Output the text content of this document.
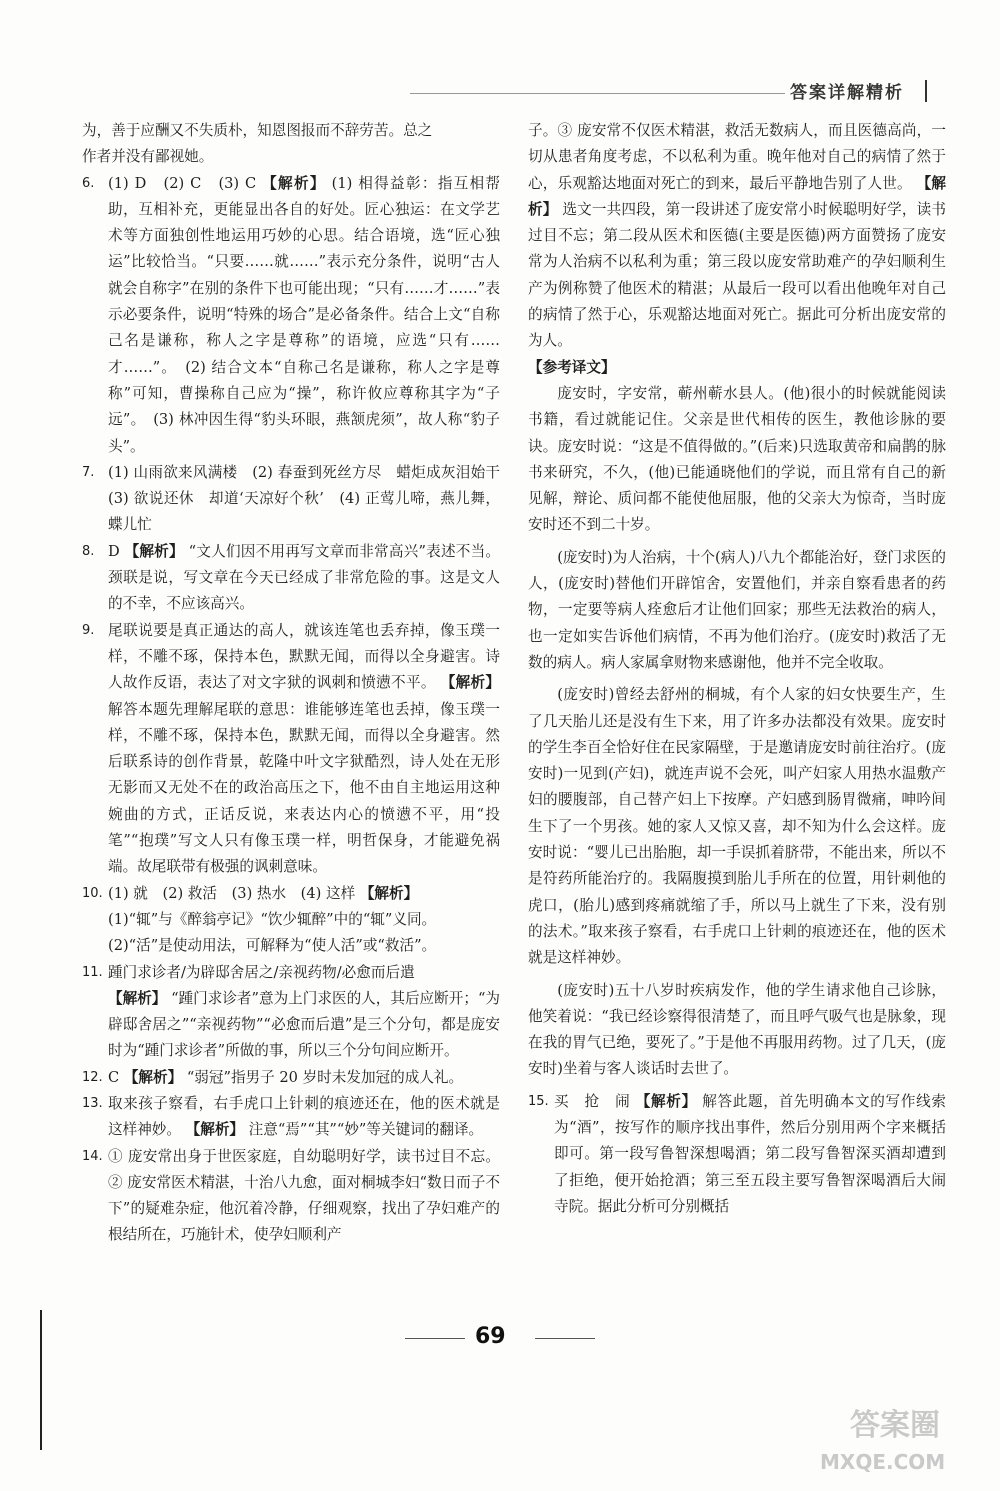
答案详解精析

为，善于应酬又不失质朴，知恩图报而不辞劳苦。总之

作者并没有鄙视她。

6. (1) D　(2) C　(3) C 【解析】 (1) 相得益彰：指互相帮助，互相补充，更能显出各自的好处。匠心独运：在文学艺术等方面独创性地运用巧妙的心思。结合语境，选“匠心独运”比较恰当。“只要……就……”表示充分条件，说明“古人就会自称字”在别的条件下也可能出现；“只有……才……”表示必要条件，说明“特殊的场合”是必备条件。结合上文“自称己名是谦称，称人之字是尊称”的语境，应选“只有……才……”。　(2) 结合文本“自称己名是谦称，称人之字是尊称”可知，曹操称自己应为“操”，称许攸应尊称其字为“子远”。　(3) 林冲因生得“豹头环眼，燕颔虎须”，故人称“豹子头”。
7. (1) 山雨欲来风满楼　(2) 春蚕到死丝方尽　蜡炬成灰泪始干　(3) 欲说还休　却道‘天凉好个秋’　(4) 正莺儿啼，燕儿舞，蝶儿忙
8. D 【解析】 “文人们因不用再写文章而非常高兴”表述不当。颈联是说，写文章在今天已经成了非常危险的事。这是文人的不幸，不应该高兴。
9. 尾联说要是真正通达的高人，就该连笔也丢弃掉，像玉璞一样，不雕不琢，保持本色，默默无闻，而得以全身避害。诗人故作反语，表达了对文字狱的讽刺和愤懑不平。 【解析】 解答本题先理解尾联的意思：谁能够连笔也丢掉，像玉璞一样，不雕不琢，保持本色，默默无闻，而得以全身避害。然后联系诗的创作背景，乾隆中叶文字狱酷烈，诗人处在无形无影而又无处不在的政治高压之下，他不由自主地运用这种婉曲的方式，正话反说，来表达内心的愤懑不平，用“投笔”“抱璞”写文人只有像玉璞一样，明哲保身，才能避免祸端。故尾联带有极强的讽刺意味。
10. (1) 就　(2) 救活　(3) 热水　(4) 这样 【解析】

(1)“辄”与《醉翁亭记》“饮少辄醉”中的“辄”义同。

(2)“活”是使动用法，可解释为“使人活”或“救活”。

11. 踵门求诊者/为辟邸舍居之/亲视药物/必愈而后遣

【解析】 “踵门求诊者”意为上门求医的人，其后应断开；“为辟邸舍居之”“亲视药物”“必愈而后遣”是三个分句，都是庞安时为“踵门求诊者”所做的事，所以三个分句间应断开。

12. C 【解析】 “弱冠”指男子 20 岁时未发加冠的成人礼。
13. 取来孩子察看，右手虎口上针刺的痕迹还在，他的医术就是这样神妙。 【解析】 注意“焉”“其”“妙”等关键词的翻译。
14. ① 庞安常出身于世医家庭，自幼聪明好学，读书过目不忘。② 庞安常医术精湛，十治八九愈，面对桐城李妇“数日而子不下”的疑难杂症，他沉着冷静，仔细观察，找出了孕妇难产的根结所在，巧施针术，使孕妇顺利产

子。③ 庞安常不仅医术精湛，救活无数病人，而且医德高尚，一切从患者角度考虑，不以私利为重。晚年他对自己的病情了然于心，乐观豁达地面对死亡的到来，最后平静地告别了人世。 【解析】 选文一共四段，第一段讲述了庞安常小时候聪明好学，读书过目不忘；第二段从医术和医德(主要是医德)两方面赞扬了庞安常为人治病不以私利为重；第三段以庞安常助难产的孕妇顺利生产为例称赞了他医术的精湛；从最后一段可以看出他晚年对自己的病情了然于心，乐观豁达地面对死亡。据此可分析出庞安常的为人。

【参考译文】

庞安时，字安常，蕲州蕲水县人。(他)很小的时候就能阅读书籍，看过就能记住。父亲是世代相传的医生，教他诊脉的要诀。庞安时说：“这是不值得做的。”(后来)只选取黄帝和扁鹊的脉书来研究，不久，(他)已能通晓他们的学说，而且常有自己的新见解，辩论、质问都不能使他屈服，他的父亲大为惊奇，当时庞安时还不到二十岁。

(庞安时)为人治病，十个(病人)八九个都能治好，登门求医的人，(庞安时)替他们开辟馆舍，安置他们，并亲自察看患者的药物，一定要等病人痊愈后才让他们回家；那些无法救治的病人，也一定如实告诉他们病情，不再为他们治疗。(庞安时)救活了无数的病人。病人家属拿财物来感谢他，他并不完全收取。

(庞安时)曾经去舒州的桐城，有个人家的妇女快要生产，生了几天胎儿还是没有生下来，用了许多办法都没有效果。庞安时的学生李百全恰好住在民家隔壁，于是邀请庞安时前往治疗。(庞安时)一见到(产妇)，就连声说不会死，叫产妇家人用热水温敷产妇的腰腹部，自己替产妇上下按摩。产妇感到肠胃微痛，呻吟间生下了一个男孩。她的家人又惊又喜，却不知为什么会这样。庞安时说：“婴儿已出胎胞，却一手误抓着脐带，不能出来，所以不是符药所能治疗的。我隔腹摸到胎儿手所在的位置，用针刺他的虎口，(胎儿)感到疼痛就缩了手，所以马上就生了下来，没有别的法术。”取来孩子察看，右手虎口上针刺的痕迹还在，他的医术就是这样神妙。

(庞安时)五十八岁时疾病发作，他的学生请求他自己诊脉，他笑着说：“我已经诊察得很清楚了，而且呼气吸气也是脉象，现在我的胃气已绝，要死了。”于是他不再服用药物。过了几天，(庞安时)坐着与客人谈话时去世了。

15. 买　抢　闹 【解析】 解答此题，首先明确本文的写作线索为“酒”，按写作的顺序找出事件，然后分别用两个字来概括即可。第一段写鲁智深想喝酒；第二段写鲁智深买酒却遭到了拒绝，便开始抢酒；第三至五段主要写鲁智深喝酒后大闹寺院。据此分析可分别概括
69
答案圈
MXQE.COM
